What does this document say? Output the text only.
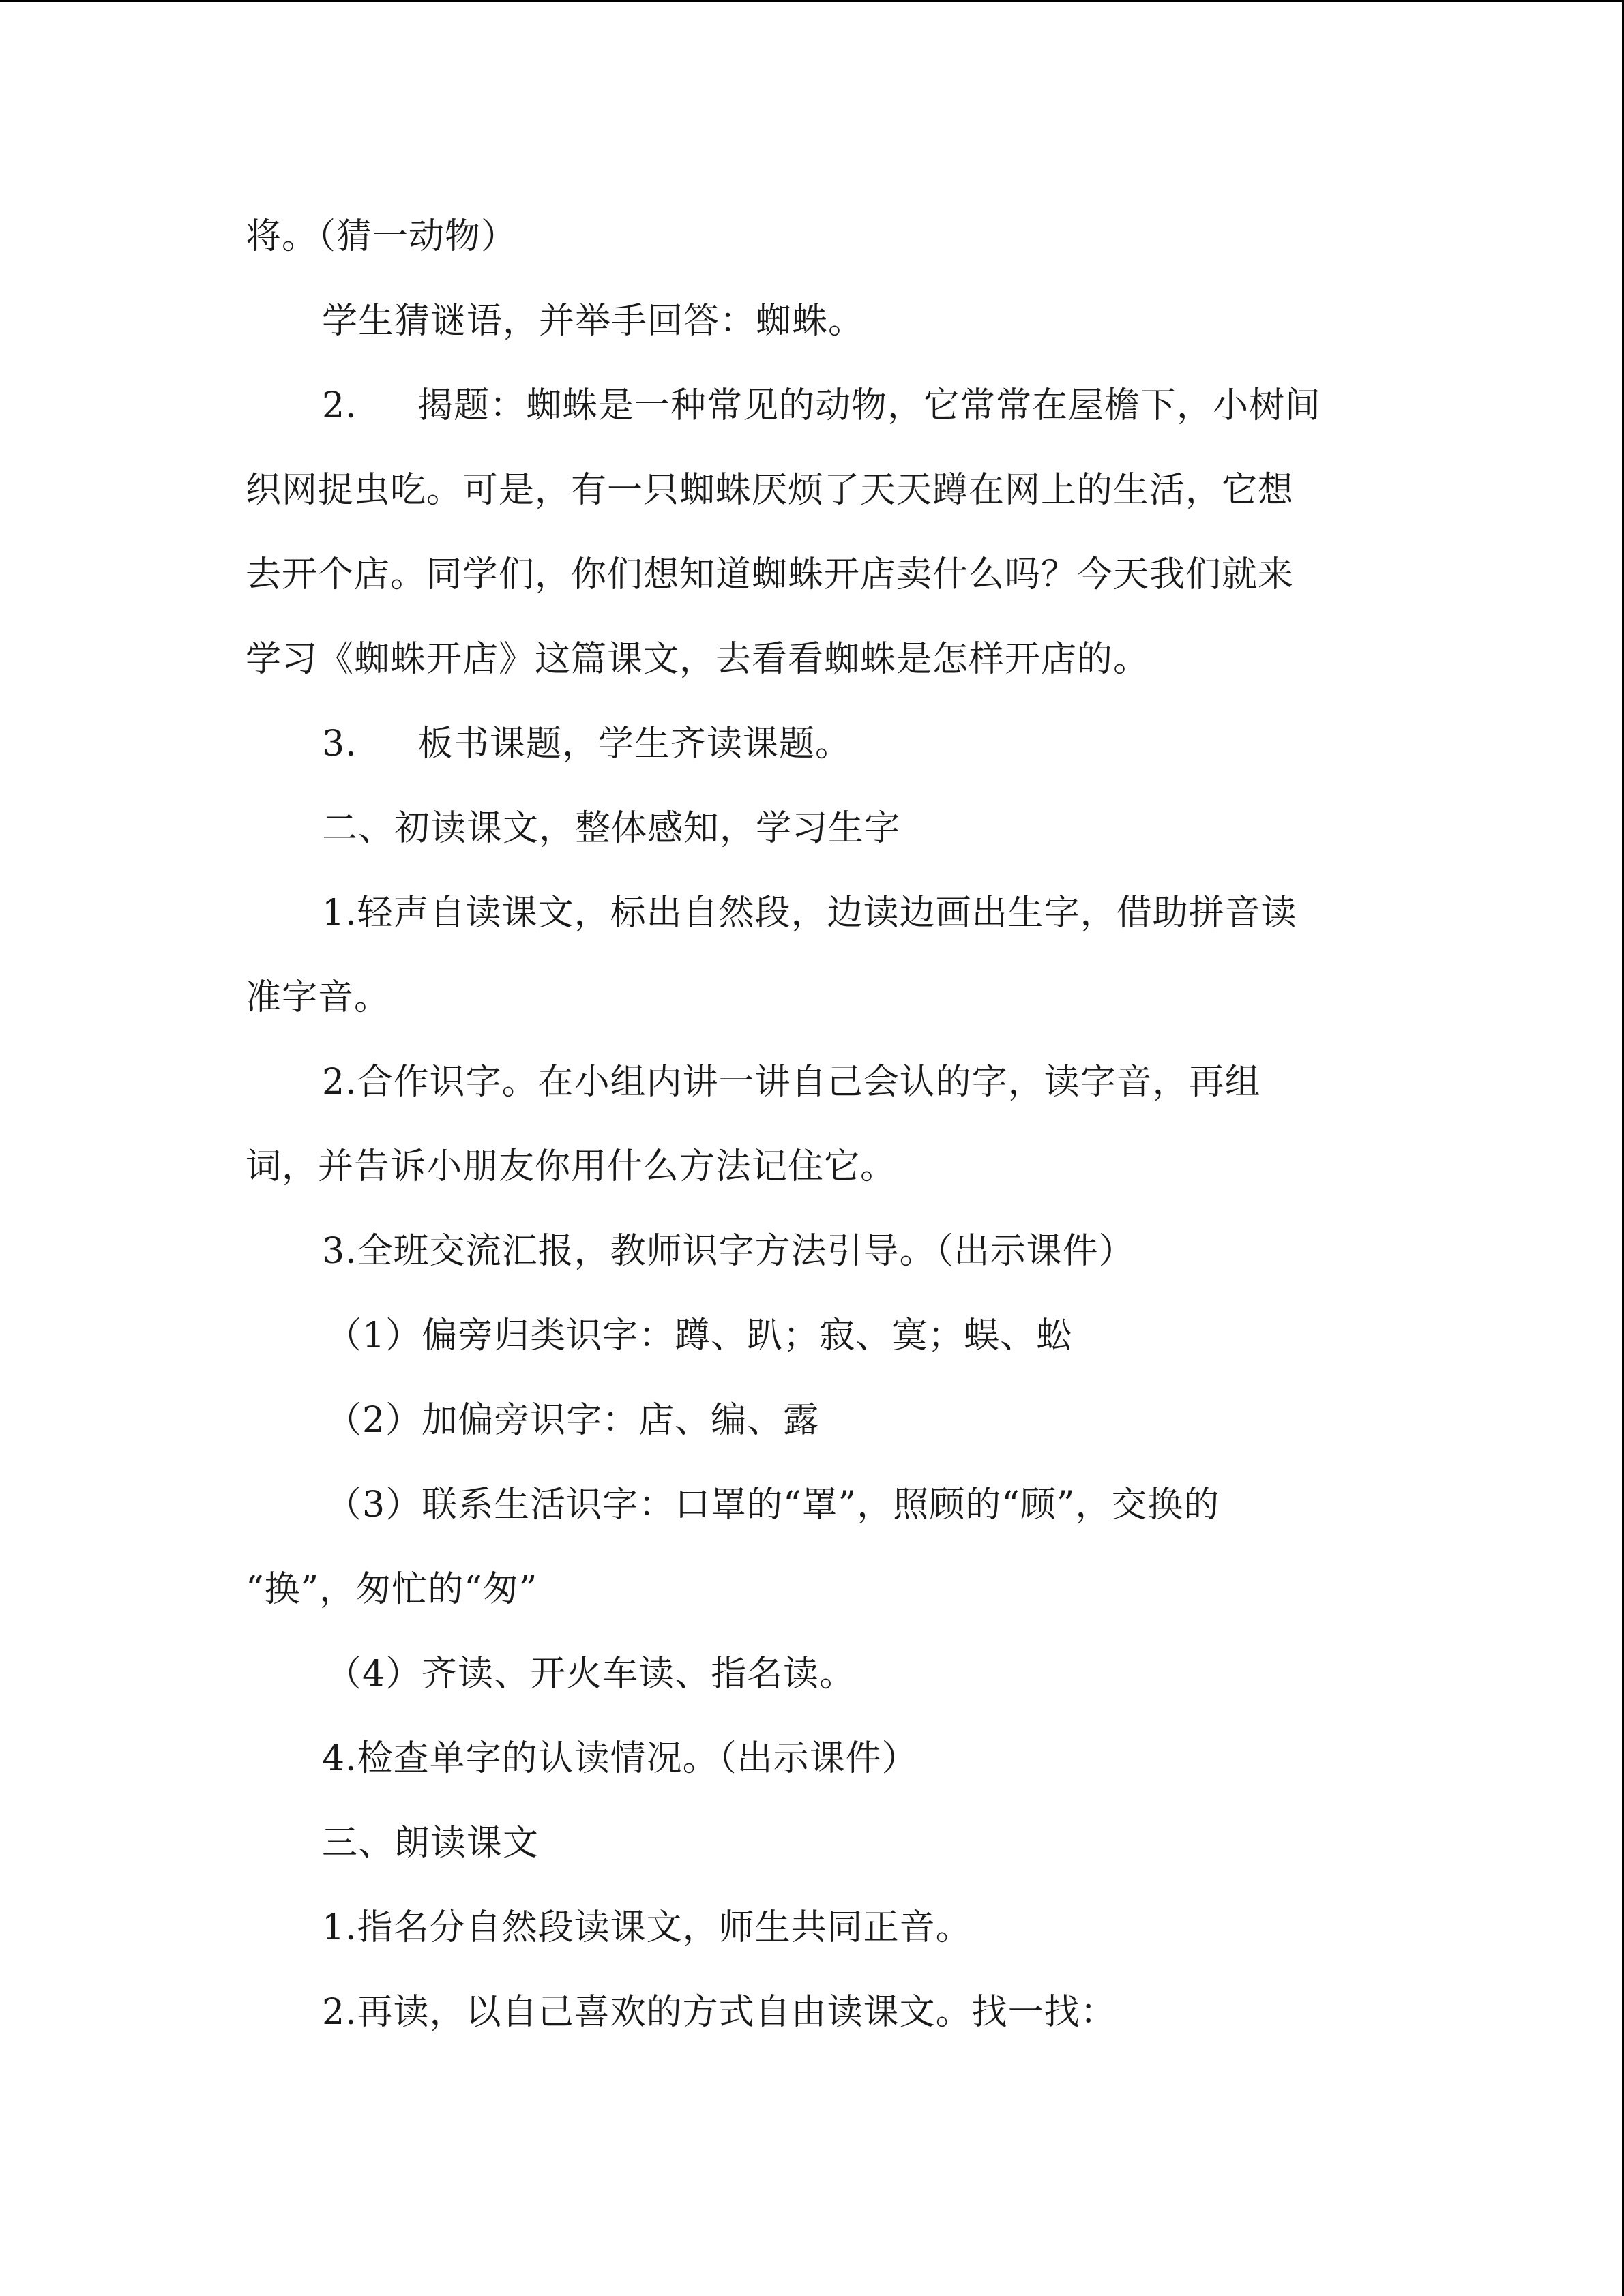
将。（猜一动物）
学生猜谜语，并举手回答：蜘蛛。
2. 揭题：蜘蛛是一种常见的动物，它常常在屋檐下，小树间
织网捉虫吃。可是，有一只蜘蛛厌烦了天天蹲在网上的生活，它想
去开个店。同学们，你们想知道蜘蛛开店卖什么吗？今天我们就来
学习《蜘蛛开店》这篇课文，去看看蜘蛛是怎样开店的。
3. 板书课题，学生齐读课题。
二、初读课文，整体感知，学习生字
1.轻声自读课文，标出自然段，边读边画出生字，借助拼音读
准字音。
2.合作识字。在小组内讲一讲自己会认的字，读字音，再组
词，并告诉小朋友你用什么方法记住它。
3.全班交流汇报，教师识字方法引导。（出示课件）
（1）偏旁归类识字：蹲、趴；寂、寞；蜈、蚣
（2）加偏旁识字：店、编、露
（3）联系生活识字：口罩的“罩”，照顾的“顾”，交换的
“换”，匆忙的“匆”
（4）齐读、开火车读、指名读。
4.检查单字的认读情况。（出示课件）
三、朗读课文
1.指名分自然段读课文，师生共同正音。
2.再读，以自己喜欢的方式自由读课文。找一找：
